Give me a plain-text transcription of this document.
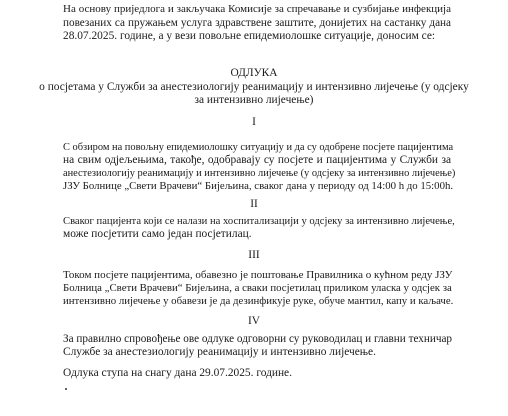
На основу приједлога и закључака Комисије за спречавање и сузбијање инфекција

повезаних са пружањем услуга здравствене заштите, донијетих на састанку дана

28.07.2025. године, а у вези повољне епидемиолошке ситуације, доносим се:

ОДЛУКА

о посјетама у Служби за анестезиологију реанимацију и интензивно лијечење (у одсјеку

за интензивно лијечење)

I

С обзиром на повољну епидемиолошку ситуацију и да су одобрене посјете пацијентима

на свим одјељењима, такође, одобравају су посјете и пацијентима у Служби за

анестезиологију реанимацију и интензивно лијечење (у одсјеку за интензивно лијечење)

ЈЗУ Болнице „Свети Врачеви“ Бијељина, сваког дана у периоду од 14:00 h до 15:00h.

II

Сваког пацијента који се налази на хоспитализацији у одсјеку за интензивно лијечење,

може посјетити само један посјетилац.

III

Током посјете пацијентима, обавезно је поштовање Правилника о кућном реду ЈЗУ

Болница „Свети Врачеви“ Бијељина, а сваки посјетилац приликом уласка у одсјек за

интензивно лијечење у обавези је да дезинфикује руке, обуче мантил, капу и каљаче.

IV

За правилно спровођење ове одлуке одговорни су руководилац и главни техничар

Службе за анестезиологију реанимацију и интензивно лијечење.

Одлука ступа на снагу дана 29.07.2025. године.
